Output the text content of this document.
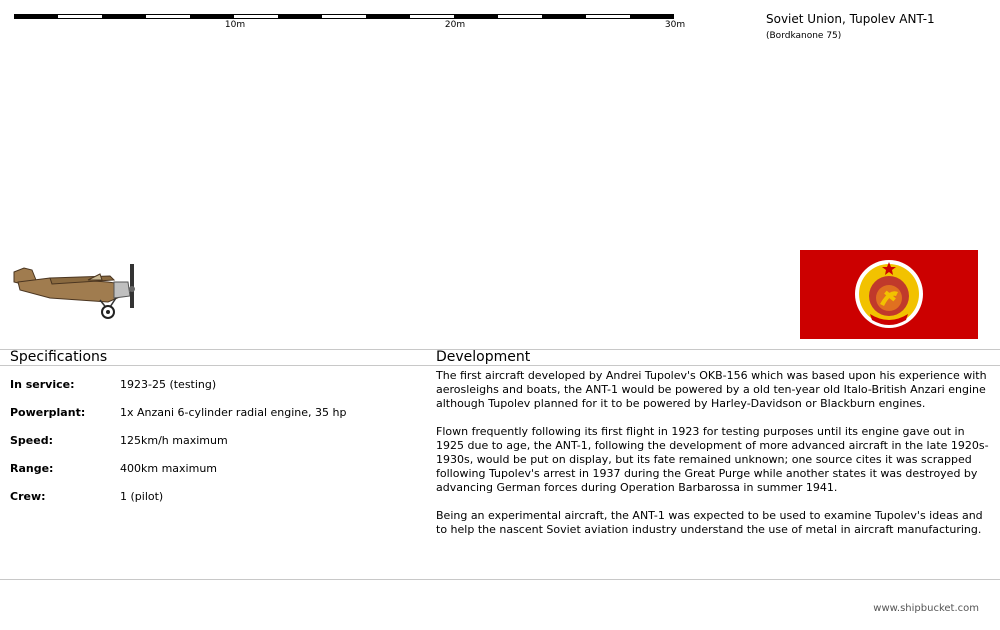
10m	20m	30m	Soviet Union, Tupolev ANT-1
(Bordkanone 75)
Specifications
In service:	1923-25 (testing)
Powerplant:	1x Anzani 6-cylinder radial engine, 35 hp
Speed:	125km/h maximum
Range:	400km maximum
Crew:	1 (pilot)
Development

The first aircraft developed by Andrei Tupolev's OKB-156 which was based upon his experience with aerosleighs and boats, the ANT-1 would be powered by a old ten-year old Italo-British Anzari engine although Tupolev planned for it to be powered by Harley-Davidson or Blackburn engines.

Flown frequently following its first flight in 1923 for testing purposes until its engine gave out in 1925 due to age, the ANT-1, following the development of more advanced aircraft in the late 1920s-1930s, would be put on display, but its fate remained unknown; one source cites it was scrapped following Tupolev's arrest in 1937 during the Great Purge while another states it was destroyed by advancing German forces during Operation Barbarossa in summer 1941.

Being an experimental aircraft, the ANT-1 was expected to be used to examine Tupolev's ideas and to help the nascent Soviet aviation industry understand the use of metal in aircraft manufacturing.

www.shipbucket.com
